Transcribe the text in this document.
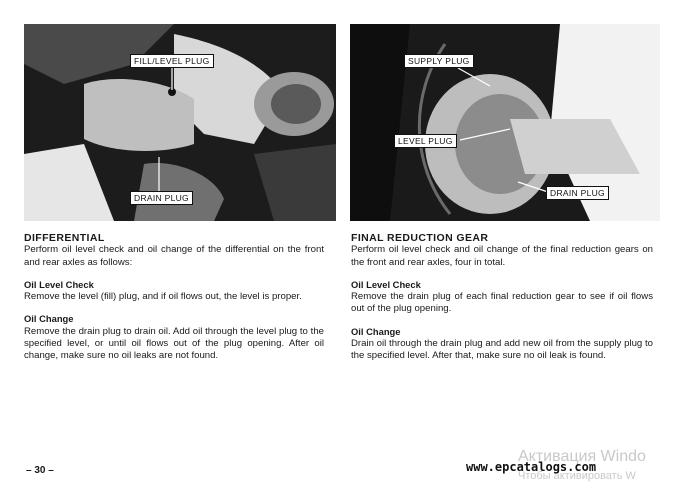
FILL/LEVEL PLUG
DRAIN PLUG
SUPPLY PLUG
LEVEL PLUG
DRAIN PLUG

DIFFERENTIAL

Perform oil level check and oil change of the differential on the front and rear axles as follows:

Oil Level Check

Remove the level (fill) plug, and if oil flows out, the level is proper.

Oil Change

Remove the drain plug to drain oil. Add oil through the level plug to the specified level, or until oil flows out of the plug opening. After oil change, make sure no oil leaks are not found.

FINAL REDUCTION GEAR

Perform oil level check and oil change of the final reduction gears on the front and rear axles, four in total.

Oil Level Check

Remove the drain plug of each final reduction gear to see if oil flows out of the plug opening.

Oil Change

Drain oil through the drain plug and add new oil from the supply plug to the specified level. After that, make sure no oil leak is found.

– 30 –
Активация Windo
Чтобы активировать W
www.epcatalogs.com
